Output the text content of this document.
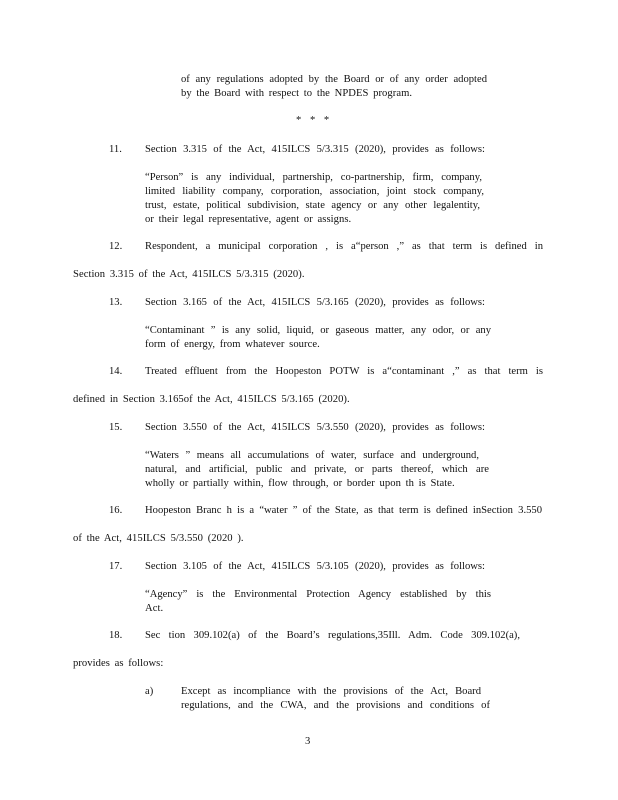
of any regulations adopted by the Board or of any order adopted
by the Board with respect to the NPDES program.
* * *
11. Section 3.315 of the Act, 415ILCS 5/3.315 (2020), provides as follows:
“Person” is any individual, partnership, co-partnership, firm, company,
limited liability company, corporation, association, joint stock company,
trust, estate, political subdivision, state agency or any other legalentity,
or their legal representative, agent or assigns.
12. Respondent, a municipal corporation , is a“person ,” as that term is defined in
Section 3.315 of the Act, 415ILCS 5/3.315 (2020).
13. Section 3.165 of the Act, 415ILCS 5/3.165 (2020), provides as follows:
“Contaminant ” is any solid, liquid, or gaseous matter, any odor, or any
form of energy, from whatever source.
14. Treated effluent from the Hoopeston POTW is a“contaminant ,” as that term is
defined in Section 3.165of the Act, 415ILCS 5/3.165 (2020).
15. Section 3.550 of the Act, 415ILCS 5/3.550 (2020), provides as follows:
“Waters ” means all accumulations of water, surface and underground,
natural, and artificial, public and private, or parts thereof, which are
wholly or partially within, flow through, or border upon th is State.
16. Hoopeston Branc h is a “water ” of the State, as that term is defined inSection 3.550
of the Act, 415ILCS 5/3.550 (2020 ).
17. Section 3.105 of the Act, 415ILCS 5/3.105 (2020), provides as follows:
“Agency” is the Environmental Protection Agency established by this
Act.
18. Sec tion 309.102(a) of the Board’s regulations,35Ill. Adm. Code 309.102(a),
provides as follows:
a)	Except as incompliance with the provisions of the Act, Board
regulations, and the CWA, and the provisions and conditions of
3
